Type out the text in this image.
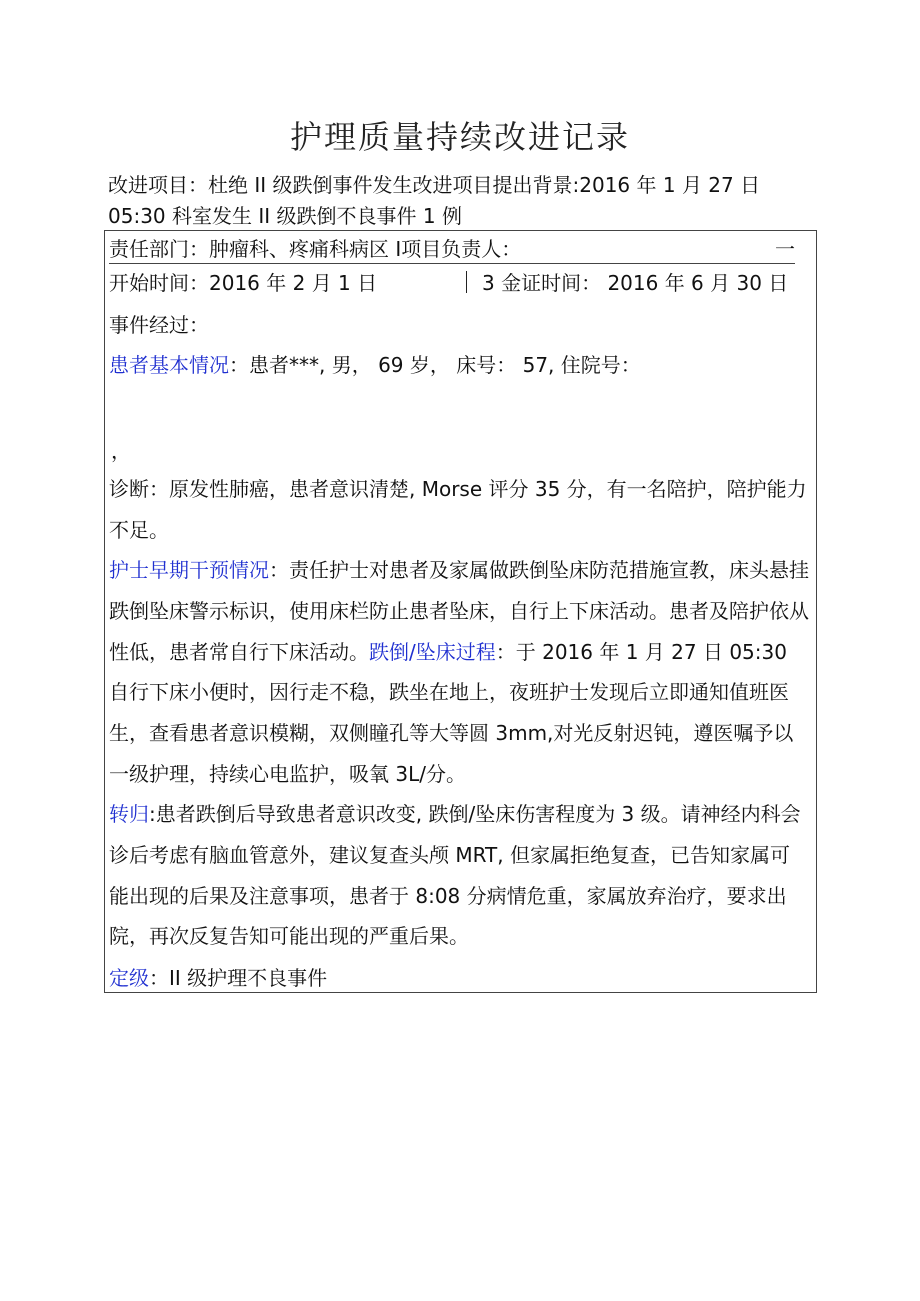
护理质量持续改进记录
改进项目：杜绝 II 级跌倒事件发生改进项目提出背景:2016 年 1 月 27 日 05:30 科室发生 II 级跌倒不良事件 1 例
责任部门：肿瘤科、疼痛科病区 I项目负责人：	一
开始时间：2016 年 2 月 1 日	3 金证时间： 2016 年 6 月 30 日
事件经过：
患者基本情况：患者***, 男， 69 岁， 床号： 57, 住院号：
，
诊断：原发性肺癌，患者意识清楚, Morse 评分 35 分，有一名陪护，陪护能力不足。
护士早期干预情况：责任护士对患者及家属做跌倒坠床防范措施宣教，床头悬挂跌倒坠床警示标识，使用床栏防止患者坠床，自行上下床活动。患者及陪护依从性低，患者常自行下床活动。跌倒/坠床过程：于 2016 年 1 月 27 日 05:30 自行下床小便时，因行走不稳，跌坐在地上，夜班护士发现后立即通知值班医生，查看患者意识模糊，双侧瞳孔等大等圆 3mm,对光反射迟钝，遵医嘱予以一级护理，持续心电监护，吸氧 3L/分。
转归:患者跌倒后导致患者意识改变, 跌倒/坠床伤害程度为 3 级。请神经内科会诊后考虑有脑血管意外，建议复查头颅 MRT, 但家属拒绝复查，已告知家属可能出现的后果及注意事项，患者于 8:08 分病情危重，家属放弃治疗，要求出院，再次反复告知可能出现的严重后果。
定级：II 级护理不良事件
